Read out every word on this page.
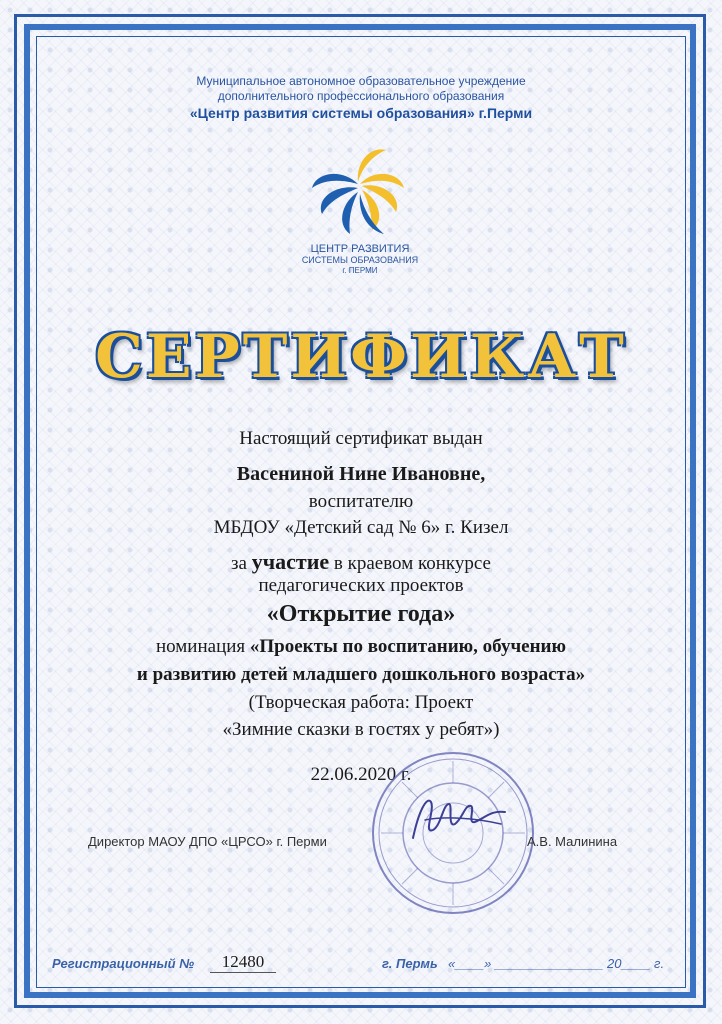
Муниципальное автономное образовательное учреждение
дополнительного профессионального образования
«Центр развития системы образования» г.Перми
ЦЕНТР РАЗВИТИЯ
СИСТЕМЫ ОБРАЗОВАНИЯ
г. ПЕРМИ
СЕРТИФИКАТ
Настоящий сертификат выдан
Васениной Нине Ивановне,
воспитателю
МБДОУ «Детский сад № 6» г. Кизел
за участие в краевом конкурсе
педагогических проектов
«Открытие года»
номинация «Проекты по воспитанию, обучению
и развитию детей младшего дошкольного возраста»
(Творческая работа: Проект
«Зимние сказки в гостях у ребят»)
22.06.2020 г.
Директор МАОУ ДПО «ЦРСО» г. Перми	А.В. Малинина
Регистрационный №	12480	г. Пермь «____» _______________ 20____ г.
